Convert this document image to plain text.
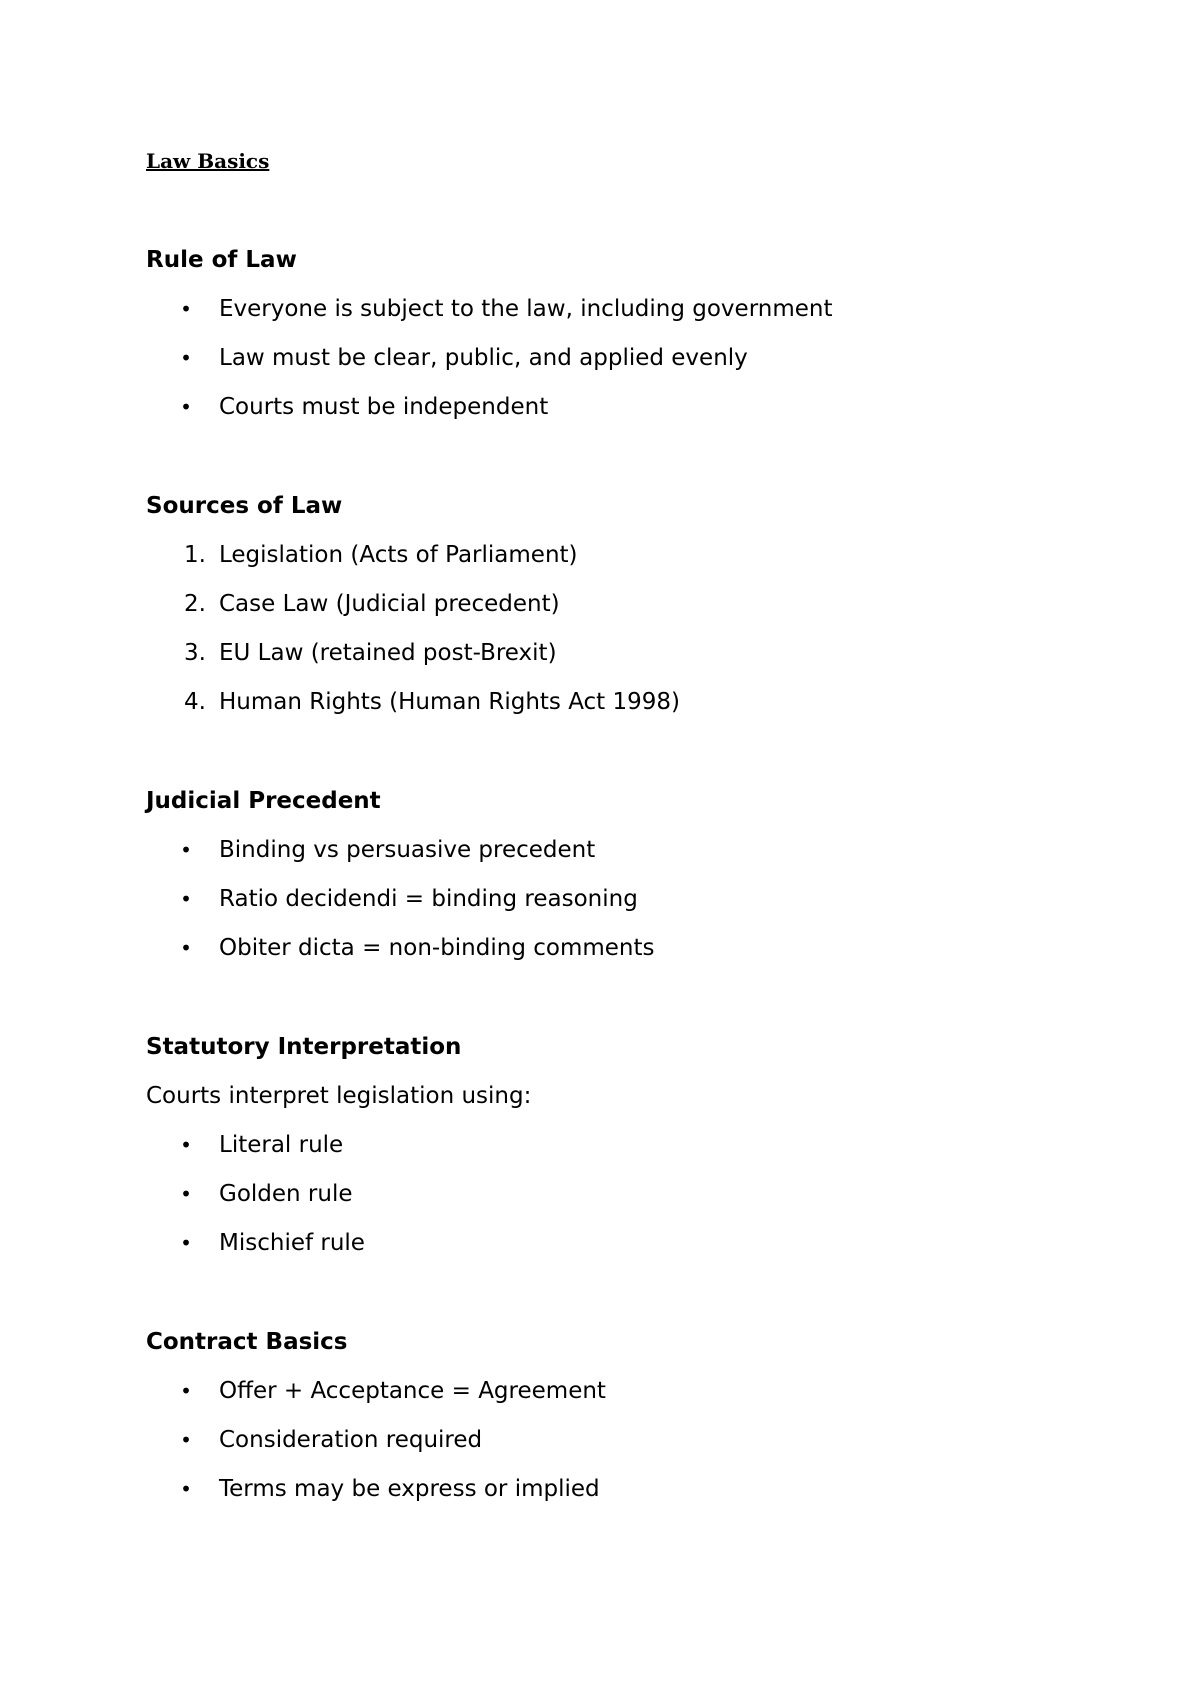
Law Basics
Rule of Law
• Everyone is subject to the law, including government
• Law must be clear, public, and applied evenly
• Courts must be independent
Sources of Law
1. Legislation (Acts of Parliament)
2. Case Law (Judicial precedent)
3. EU Law (retained post-Brexit)
4. Human Rights (Human Rights Act 1998)
Judicial Precedent
• Binding vs persuasive precedent
• Ratio decidendi = binding reasoning
• Obiter dicta = non-binding comments
Statutory Interpretation
Courts interpret legislation using:
• Literal rule
• Golden rule
• Mischief rule
Contract Basics
• Offer + Acceptance = Agreement
• Consideration required
• Terms may be express or implied
